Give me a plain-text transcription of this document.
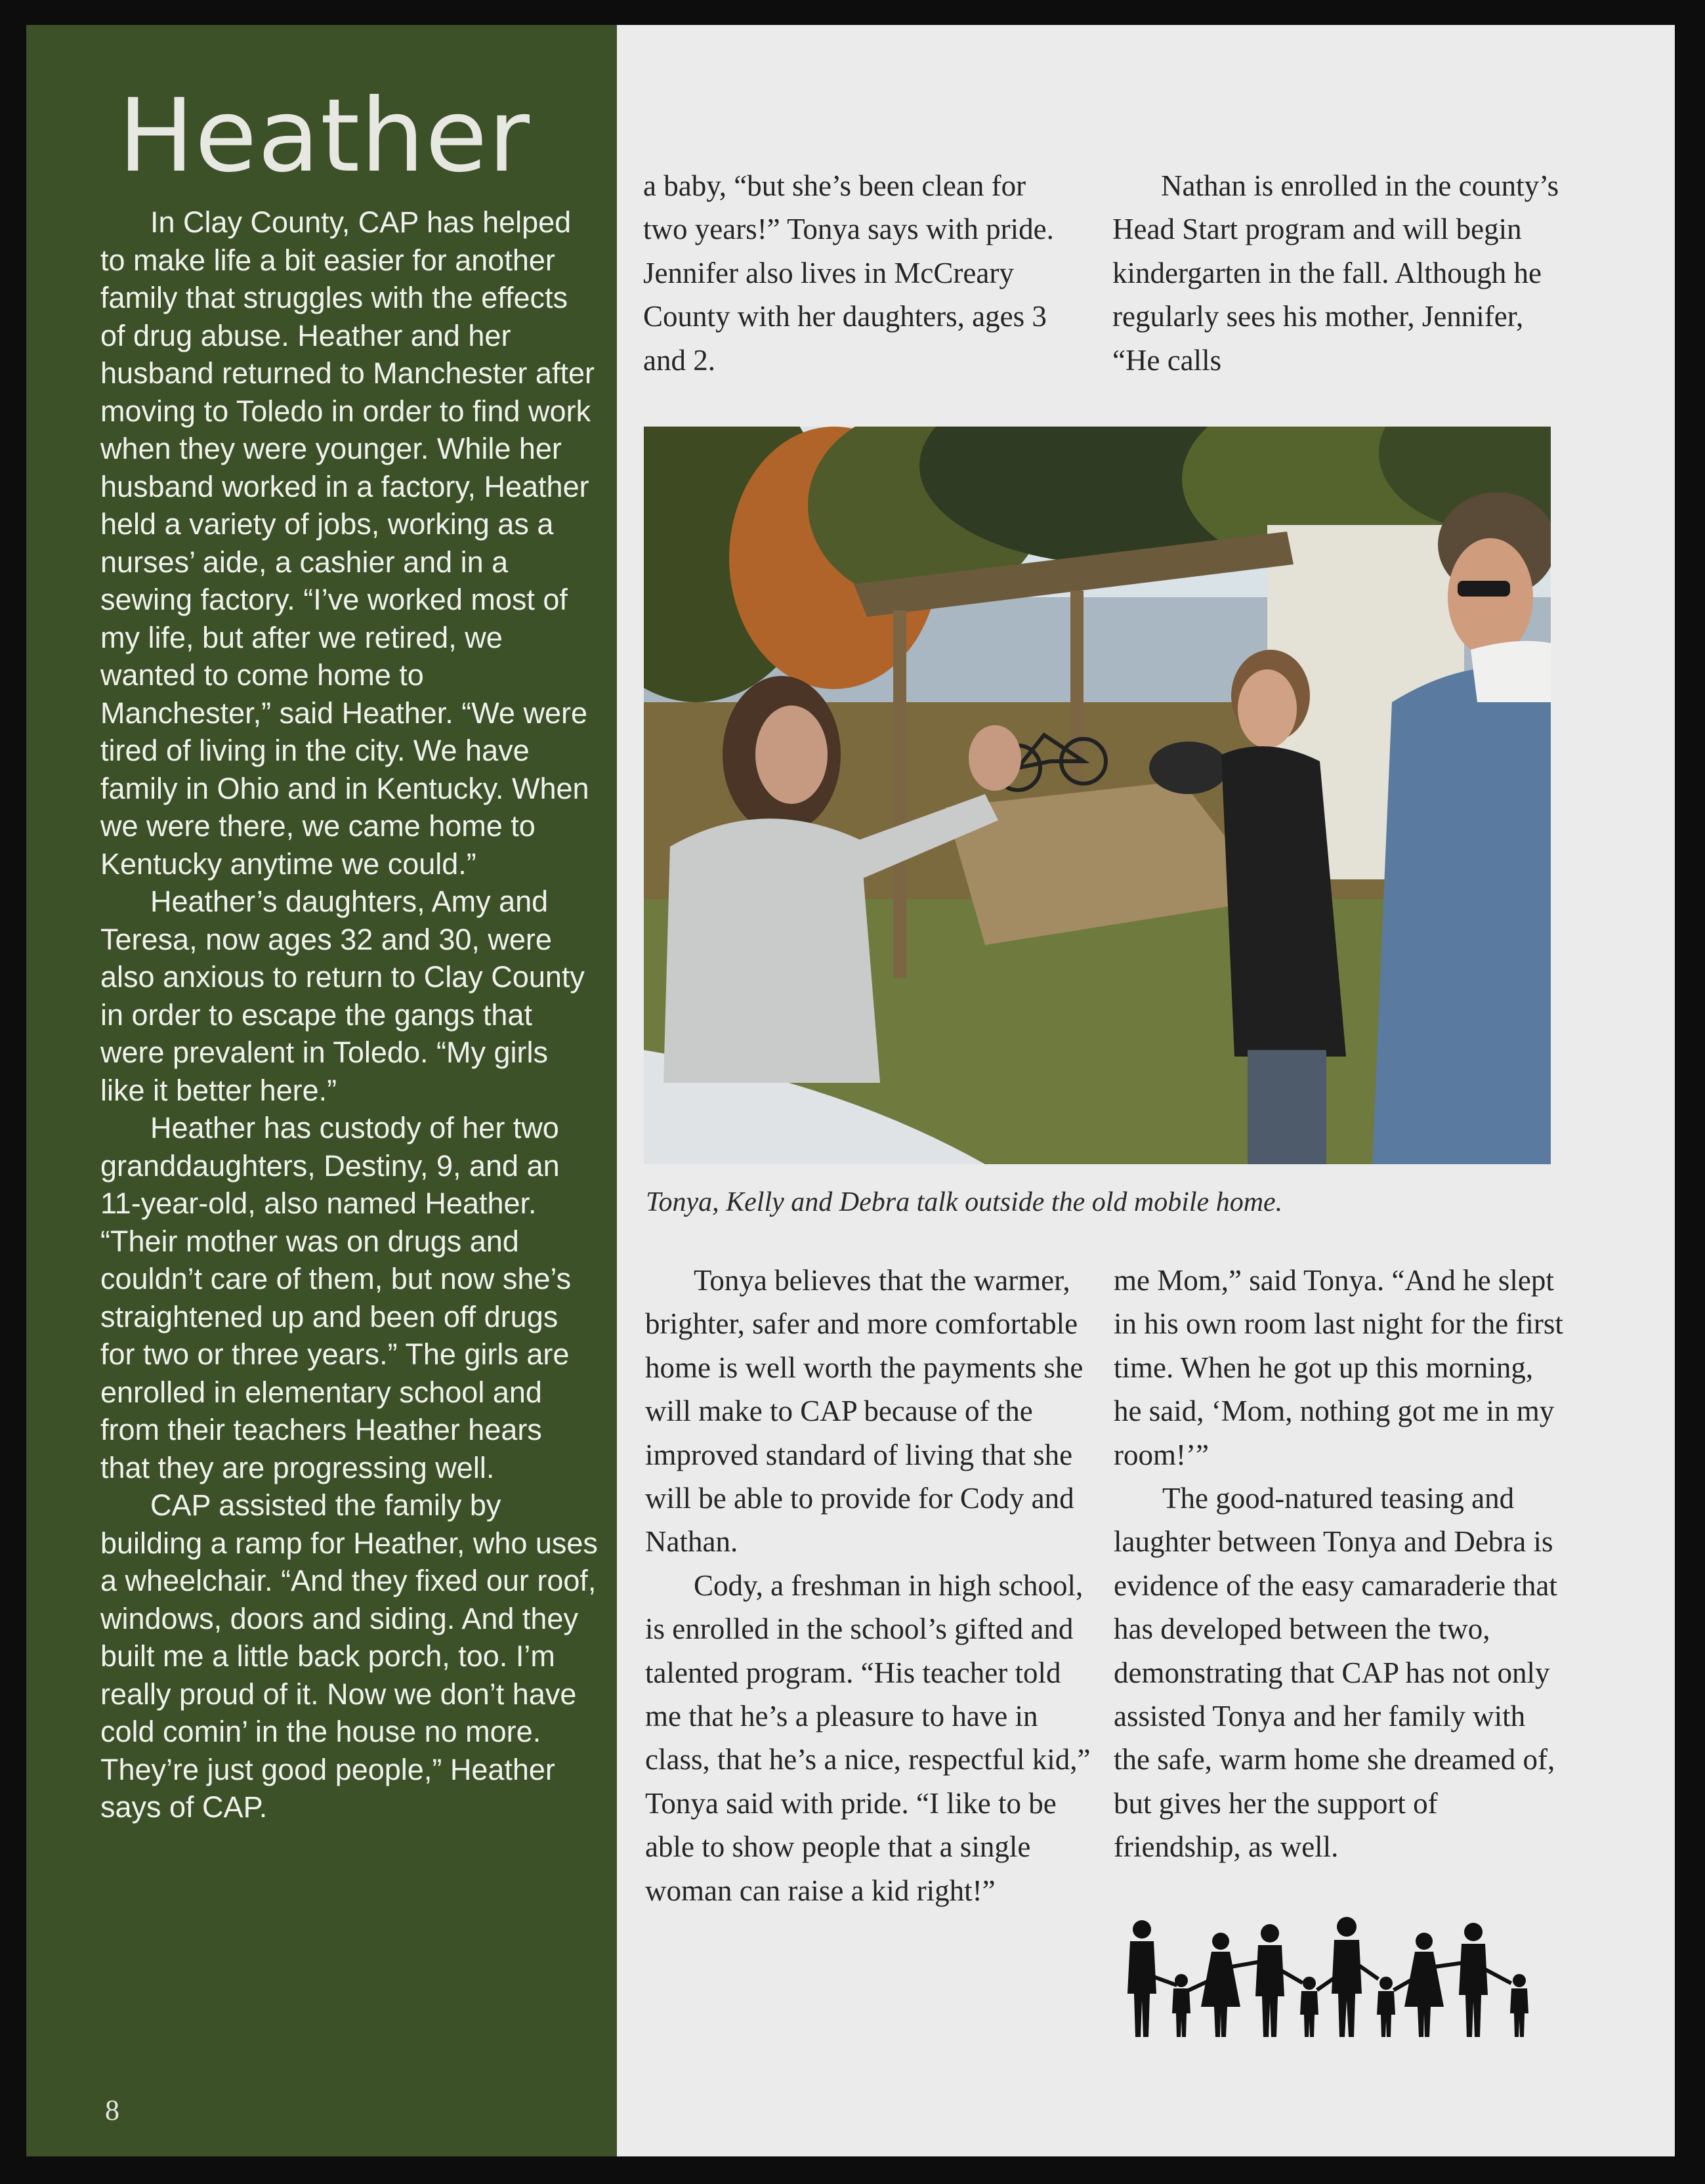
Heather

In Clay County, CAP has helped to make life a bit easier for another family that struggles with the effects of drug abuse. Heather and her husband returned to Manchester after moving to Toledo in order to find work when they were younger. While her husband worked in a factory, Heather held a variety of jobs, working as a nurses’ aide, a cashier and in a sewing factory. “I’ve worked most of my life, but after we retired, we wanted to come home to Manchester,” said Heather. “We were tired of living in the city. We have family in Ohio and in Kentucky. When we were there, we came home to Kentucky anytime we could.”

Heather’s daughters, Amy and Teresa, now ages 32 and 30, were also anxious to return to Clay County in order to escape the gangs that were prevalent in Toledo. “My girls like it better here.”

Heather has custody of her two granddaughters, Destiny, 9, and an 11-year-old, also named Heather. “Their mother was on drugs and couldn’t care of them, but now she’s straightened up and been off drugs for two or three years.” The girls are enrolled in elementary school and from their teachers Heather hears that they are progressing well.

CAP assisted the family by building a ramp for Heather, who uses a wheelchair. “And they fixed our roof, windows, doors and siding. And they built me a little back porch, too. I’m really proud of it. Now we don’t have cold comin’ in the house no more. They’re just good people,” Heather says of CAP.

8

a baby, “but she’s been clean for two years!” Tonya says with pride. Jennifer also lives in McCreary County with her daughters, ages 3 and 2.

Nathan is enrolled in the county’s Head Start program and will begin kindergarten in the fall. Although he regularly sees his mother, Jennifer, “He calls

Tonya, Kelly and Debra talk outside the old mobile home.

Tonya believes that the warmer, brighter, safer and more comfortable home is well worth the payments she will make to CAP because of the improved standard of living that she will be able to provide for Cody and Nathan.

Cody, a freshman in high school, is enrolled in the school’s gifted and talented program. “His teacher told me that he’s a pleasure to have in class, that he’s a nice, respectful kid,” Tonya said with pride. “I like to be able to show people that a single woman can raise a kid right!”

me Mom,” said Tonya. “And he slept in his own room last night for the first time. When he got up this morning, he said, ‘Mom, nothing got me in my room!’”

The good-natured teasing and laughter between Tonya and Debra is evidence of the easy camaraderie that has developed between the two, demonstrating that CAP has not only assisted Tonya and her family with the safe, warm home she dreamed of, but gives her the support of friendship, as well.
